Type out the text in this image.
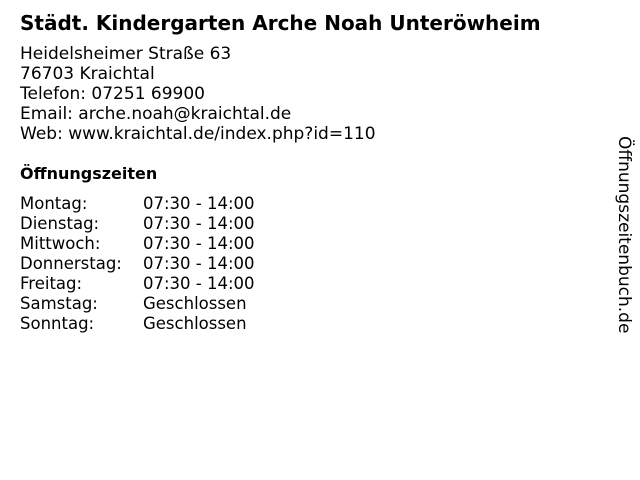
Städt. Kindergarten Arche Noah Unteröwheim
Heidelsheimer Straße 63
76703 Kraichtal
Telefon: 07251 69900
Email: arche.noah@kraichtal.de
Web: www.kraichtal.de/index.php?id=110
Öffnungszeiten
Montag:	07:30 - 14:00
Dienstag:	07:30 - 14:00
Mittwoch:	07:30 - 14:00
Donnerstag:	07:30 - 14:00
Freitag:	07:30 - 14:00
Samstag:	Geschlossen
Sonntag:	Geschlossen	Öffnungszeitenbuch.de
